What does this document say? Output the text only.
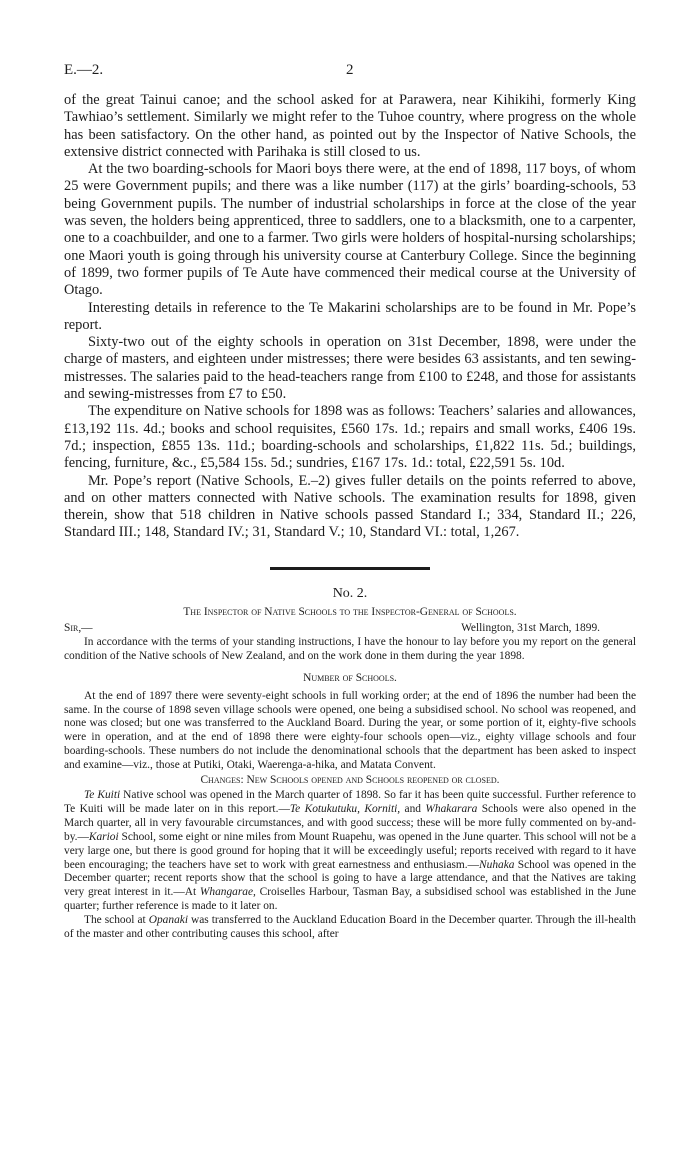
E.—2.	2

of the great Tainui canoe; and the school asked for at Parawera, near Kihikihi, formerly King Tawhiao’s settlement. Similarly we might refer to the Tuhoe country, where progress on the whole has been satisfactory. On the other hand, as pointed out by the Inspector of Native Schools, the extensive district connected with Parihaka is still closed to us.

At the two boarding-schools for Maori boys there were, at the end of 1898, 117 boys, of whom 25 were Government pupils; and there was a like number (117) at the girls’ boarding-schools, 53 being Government pupils. The number of industrial scholarships in force at the close of the year was seven, the holders being apprenticed, three to saddlers, one to a blacksmith, one to a carpenter, one to a coachbuilder, and one to a farmer. Two girls were holders of hospital-nursing scholarships; one Maori youth is going through his university course at Canterbury College. Since the beginning of 1899, two former pupils of Te Aute have commenced their medical course at the University of Otago.

Interesting details in reference to the Te Makarini scholarships are to be found in Mr. Pope’s report.

Sixty-two out of the eighty schools in operation on 31st December, 1898, were under the charge of masters, and eighteen under mistresses; there were besides 63 assistants, and ten sewing-mistresses. The salaries paid to the head-teachers range from £100 to £248, and those for assistants and sewing-mistresses from £7 to £50.

The expenditure on Native schools for 1898 was as follows: Teachers’ salaries and allowances, £13,192 11s. 4d.; books and school requisites, £560 17s. 1d.; repairs and small works, £406 19s. 7d.; inspection, £855 13s. 11d.; boarding-schools and scholarships, £1,822 11s. 5d.; buildings, fencing, furniture, &c., £5,584 15s. 5d.; sundries, £167 17s. 1d.: total, £22,591 5s. 10d.

Mr. Pope’s report (Native Schools, E.–2) gives fuller details on the points referred to above, and on other matters connected with Native schools. The examination results for 1898, given therein, show that 518 children in Native schools passed Standard I.; 334, Standard II.; 226, Standard III.; 148, Standard IV.; 31, Standard V.; 10, Standard VI.: total, 1,267.

No. 2.
The Inspector of Native Schools to the Inspector-General of Schools.
Sir,—	Wellington, 31st March, 1899.

In accordance with the terms of your standing instructions, I have the honour to lay before you my report on the general condition of the Native schools of New Zealand, and on the work done in them during the year 1898.

Number of Schools.

At the end of 1897 there were seventy-eight schools in full working order; at the end of 1896 the number had been the same. In the course of 1898 seven village schools were opened, one being a subsidised school. No school was reopened, and none was closed; but one was transferred to the Auckland Board. During the year, or some portion of it, eighty-five schools were in operation, and at the end of 1898 there were eighty-four schools open—viz., eighty village schools and four boarding-schools. These numbers do not include the denominational schools that the department has been asked to inspect and examine—viz., those at Putiki, Otaki, Waerenga-a-hika, and Matata Convent.

Changes: New Schools opened and Schools reopened or closed.

Te Kuiti Native school was opened in the March quarter of 1898. So far it has been quite successful. Further reference to Te Kuiti will be made later on in this report.—Te Kotukutuku, Korniti, and Whakarara Schools were also opened in the March quarter, all in very favourable circumstances, and with good success; these will be more fully commented on by-and-by.—Karioi School, some eight or nine miles from Mount Ruapehu, was opened in the June quarter. This school will not be a very large one, but there is good ground for hoping that it will be exceedingly useful; reports received with regard to it have been encouraging; the teachers have set to work with great earnestness and enthusiasm.—Nuhaka School was opened in the December quarter; recent reports show that the school is going to have a large attendance, and that the Natives are taking very great interest in it.—At Whangarae, Croiselles Harbour, Tasman Bay, a subsidised school was established in the June quarter; further reference is made to it later on.

The school at Opanaki was transferred to the Auckland Education Board in the December quarter. Through the ill-health of the master and other contributing causes this school, after
